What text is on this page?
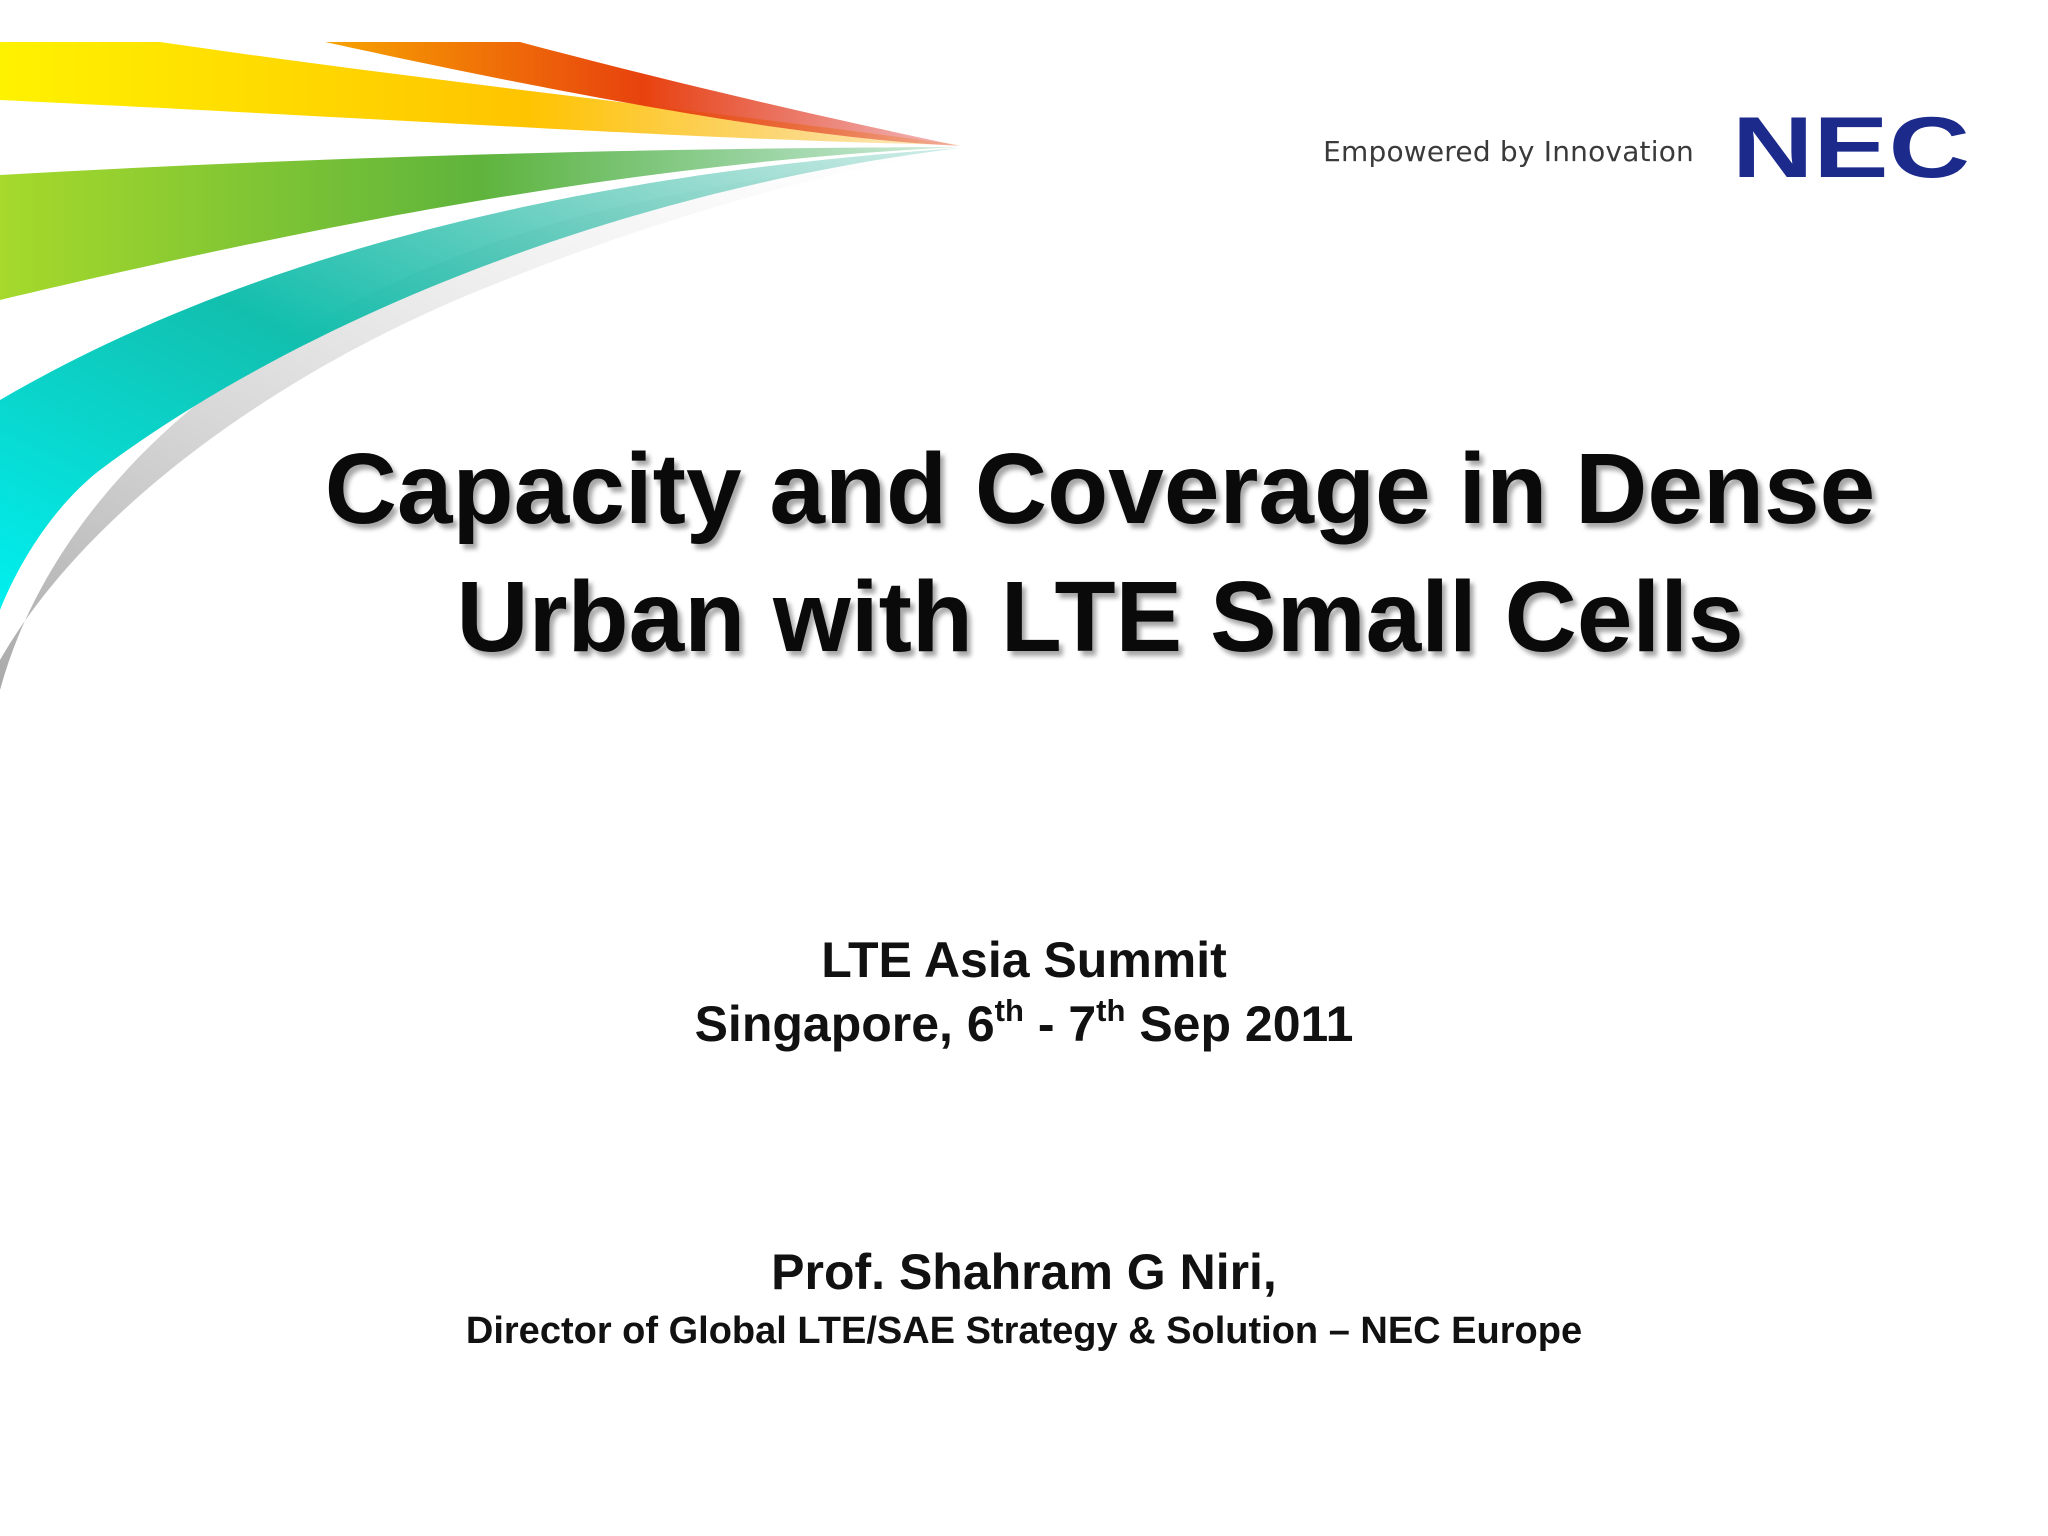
Empowered by Innovation NEC
Capacity and Coverage in Dense
Urban with LTE Small Cells
LTE Asia Summit
Singapore, 6th - 7th Sep 2011
Prof. Shahram G Niri,
Director of Global LTE/SAE Strategy & Solution – NEC Europe
